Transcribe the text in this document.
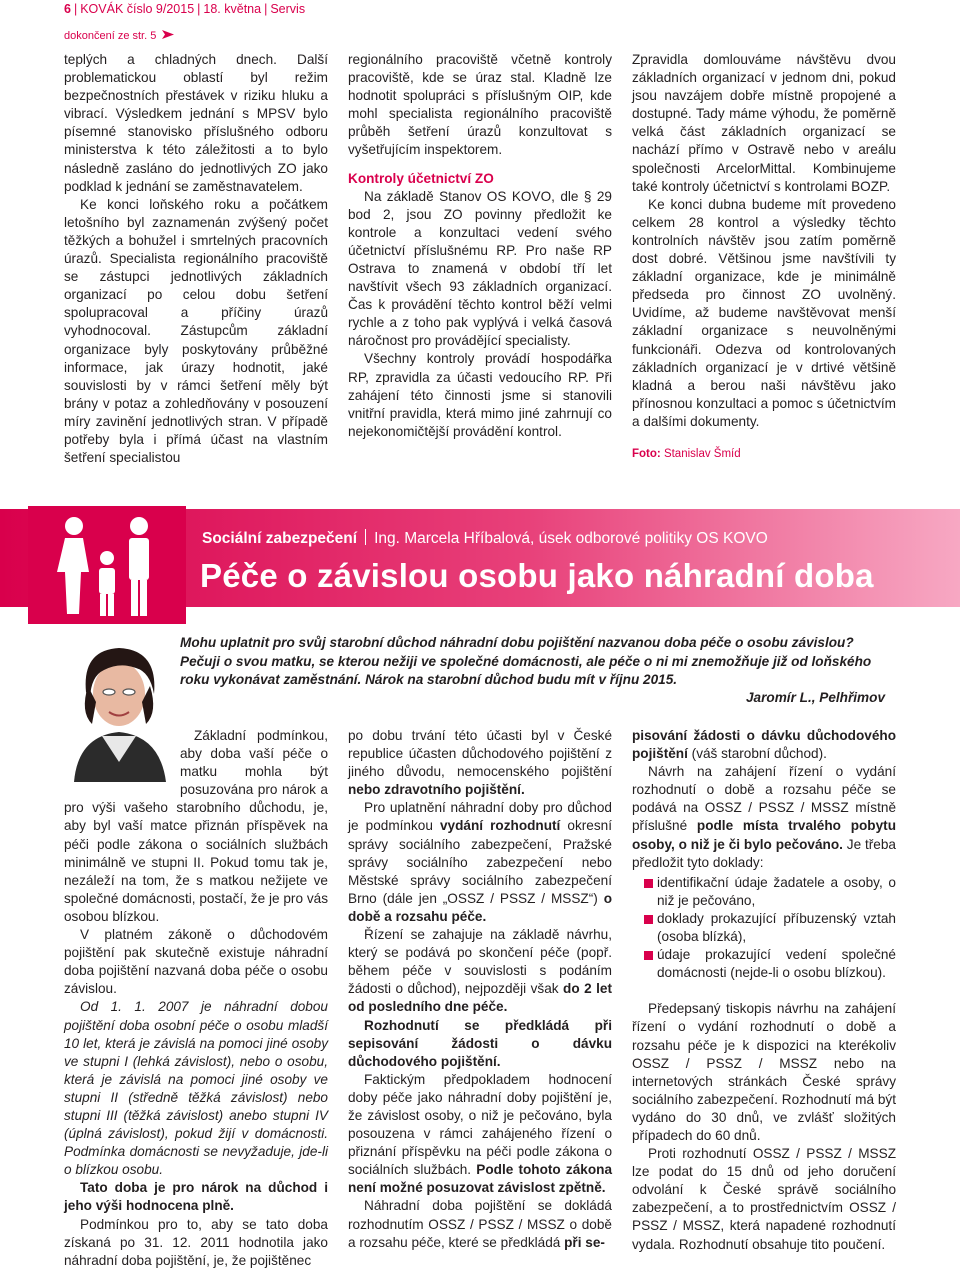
6 | KOVÁK číslo 9/2015 | 18. května | Servis
dokončení ze str. 5

teplých a chladných dnech. Další problematickou oblastí byl režim bezpečnostních přestávek v riziku hluku a vibrací. Výsledkem jednání s MPSV bylo písemné stanovisko příslušného odboru ministerstva k této záležitosti a to bylo následně zasláno do jednotlivých ZO jako podklad k jednání se zaměstnavatelem.

Ke konci loňského roku a počátkem letošního byl zaznamenán zvýšený počet těžkých a bohužel i smrtelných pracovních úrazů. Specialista regionálního pracoviště se zástupci jednotlivých základních organizací po celou dobu šetření spolupracoval a příčiny úrazů vyhodnocoval. Zástupcům základní organizace byly poskytovány průběžné informace, jak úrazy hodnotit, jaké souvislosti by v rámci šetření měly být brány v potaz a zohledňovány v posouzení míry zavinění jednotlivých stran. V případě potřeby byla i přímá účast na vlastním šetření specialistou

regionálního pracoviště včetně kontroly pracoviště, kde se úraz stal. Kladně lze hodnotit spolupráci s příslušným OIP, kde mohl specialista regionálního pracoviště průběh šetření úrazů konzultovat s vyšetřujícím inspektorem.

Kontroly účetnictví ZO

Na základě Stanov OS KOVO, dle § 29 bod 2, jsou ZO povinny předložit ke kontrole a konzultaci vedení svého účetnictví příslušnému RP. Pro naše RP Ostrava to znamená v období tří let navštívit všech 93 základních organizací. Čas k provádění těchto kontrol běží velmi rychle a z toho pak vyplývá i velká časová náročnost pro provádějící specialisty.

Všechny kontroly provádí hospodářka RP, zpravidla za účasti vedoucího RP. Při zahájení této činnosti jsme si stanovili vnitřní pravidla, která mimo jiné zahrnují co nejekonomičtější provádění kontrol.

Zpravidla domlouváme návštěvu dvou základních organizací v jednom dni, pokud jsou navzájem dobře místně propojené a dostupné. Tady máme výhodu, že poměrně velká část základních organizací se nachází přímo v Ostravě nebo v areálu společnosti ArcelorMittal. Kombinujeme také kontroly účetnictví s kontrolami BOZP.

Ke konci dubna budeme mít provedeno celkem 28 kontrol a výsledky těchto kontrolních návštěv jsou zatím poměrně dost dobré. Většinou jsme navštívili ty základní organizace, kde je minimálně předseda pro činnost ZO uvolněný. Uvidíme, až budeme navštěvovat menší základní organizace s neuvolněnými funkcionáři. Odezva od kontrolovaných základních organizací je v drtivé většině kladná a berou naši návštěvu jako přínosnou konzultaci a pomoc s účetnictvím a dalšími dokumenty.

Foto: Stanislav Šmíd
Sociální zabezpečení Ing. Marcela Hříbalová, úsek odborové politiky OS KOVO
Péče o závislou osobu jako náhradní doba
Mohu uplatnit pro svůj starobní důchod náhradní dobu pojištění nazvanou doba péče o osobu závislou? Pečuji o svou matku, se kterou nežiji ve společné domácnosti, ale péče o ni mi znemožňuje již od loňského roku vykonávat zaměstnání. Nárok na starobní důchod budu mít v říjnu 2015.
Jaromír L., Pelhřimov

Základní podmínkou, aby doba vaší péče o matku mohla být posuzována pro nárok a pro výši vašeho starobního důchodu, je, aby byl vaší matce přiznán příspěvek na péči podle zákona o sociálních službách minimálně ve stupni II. Pokud tomu tak je, nezáleží na tom, že s matkou nežijete ve společné domácnosti, postačí, že je pro vás osobou blízkou.

V platném zákoně o důchodovém pojištění pak skutečně existuje náhradní doba pojištění nazvaná doba péče o osobu závislou.

Od 1. 1. 2007 je náhradní dobou pojištění doba osobní péče o osobu mladší 10 let, která je závislá na pomoci jiné osoby ve stupni I (lehká závislost), nebo o osobu, která je závislá na pomoci jiné osoby ve stupni II (středně těžká závislost) nebo stupni III (těžká závislost) anebo stupni IV (úplná závislost), pokud žijí v domácnosti. Podmínka domácnosti se nevyžaduje, jde-li o blízkou osobu.

Tato doba je pro nárok na důchod i jeho výši hodnocena plně.

Podmínkou pro to, aby se tato doba získaná po 31. 12. 2011 hodnotila jako náhradní doba pojištění, je, že pojištěnec

po dobu trvání této účasti byl v České republice účasten důchodového pojištění z jiného důvodu, nemocenského pojištění nebo zdravotního pojištění.

Pro uplatnění náhradní doby pro důchod je podmínkou vydání rozhodnutí okresní správy sociálního zabezpečení, Pražské správy sociálního zabezpečení nebo Městské správy sociálního zabezpečení Brno (dále jen „OSSZ / PSSZ / MSSZ“) o době a rozsahu péče.

Řízení se zahajuje na základě návrhu, který se podává po skončení péče (popř. během péče v souvislosti s podáním žádosti o důchod), nejpozději však do 2 let od posledního dne péče.

Rozhodnutí se předkládá při sepisování žádosti o dávku důchodového pojištění.

Faktickým předpokladem hodnocení doby péče jako náhradní doby pojištění je, že závislost osoby, o niž je pečováno, byla posouzena v rámci zahájeného řízení o přiznání příspěvku na péči podle zákona o sociálních službách. Podle tohoto zákona není možné posuzovat závislost zpětně.

Náhradní doba pojištění se dokládá rozhodnutím OSSZ / PSSZ / MSSZ o době a rozsahu péče, které se předkládá při se-

pisování žádosti o dávku důchodového pojištění (váš starobní důchod).

Návrh na zahájení řízení o vydání rozhodnutí o době a rozsahu péče se podává na OSSZ / PSSZ / MSSZ místně příslušné podle místa trvalého pobytu osoby, o niž je či bylo pečováno. Je třeba předložit tyto doklady:

identifikační údaje žadatele a osoby, o niž je pečováno,
doklady prokazující příbuzenský vztah (osoba blízká),
údaje prokazující vedení společné domácnosti (nejde-li o osobu blízkou).

Předepsaný tiskopis návrhu na zahájení řízení o vydání rozhodnutí o době a rozsahu péče je k dispozici na kterékoliv OSSZ / PSSZ / MSSZ nebo na internetových stránkách České správy sociálního zabezpečení. Rozhodnutí má být vydáno do 30 dnů, ve zvlášť složitých případech do 60 dnů.

Proti rozhodnutí OSSZ / PSSZ / MSSZ lze podat do 15 dnů od jeho doručení odvolání k České správě sociálního zabezpečení, a to prostřednictvím OSSZ / PSSZ / MSSZ, která napadené rozhodnutí vydala. Rozhodnutí obsahuje tito poučení.
